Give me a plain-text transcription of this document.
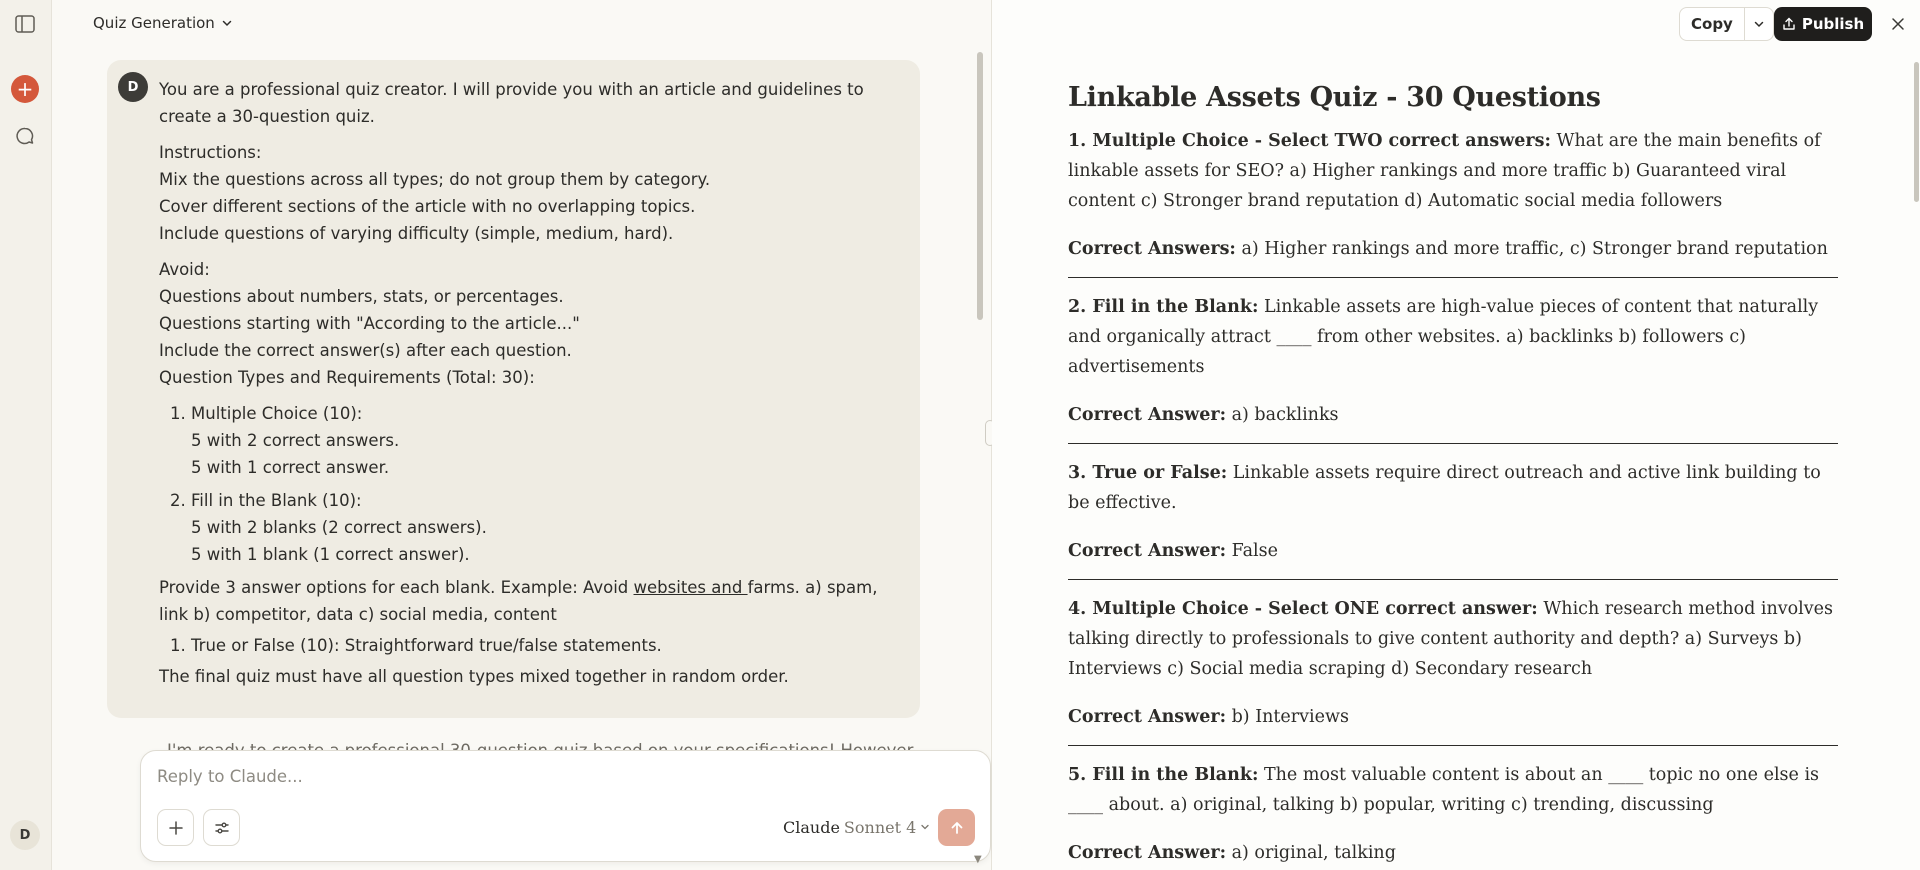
+
D
Quiz Generation

You are a professional quiz creator. I will provide you with an article and guidelines to create a 30-question quiz.

Instructions:

Mix the questions across all types; do not group them by category.

Cover different sections of the article with no overlapping topics.

Include questions of varying difficulty (simple, medium, hard).

Avoid:

Questions about numbers, stats, or percentages.

Questions starting with "According to the article..."

Include the correct answer(s) after each question.

Question Types and Requirements (Total: 30):

1. Multiple Choice (10):
5 with 2 correct answers.
5 with 1 correct answer.
2. Fill in the Blank (10):
5 with 2 blanks (2 correct answers).
5 with 1 blank (1 correct answer).

Provide 3 answer options for each blank. Example: Avoid websites and farms. a) spam, link b) competitor, data c) social media, content

1. True or False (10): Straightforward true/false statements.

The final quiz must have all question types mixed together in random order.

D
Reply to Claude...
Claude Sonnet 4
▼
Copy	Publish
Linkable Assets Quiz - 30 Questions

1. Multiple Choice - Select TWO correct answers: What are the main benefits of linkable assets for SEO? a) Higher rankings and more traffic b) Guaranteed viral content c) Stronger brand reputation d) Automatic social media followers

Correct Answers: a) Higher rankings and more traffic, c) Stronger brand reputation

2. Fill in the Blank: Linkable assets are high-value pieces of content that naturally and organically attract ____ from other websites. a) backlinks b) followers c) advertisements

Correct Answer: a) backlinks

3. True or False: Linkable assets require direct outreach and active link building to be effective.

Correct Answer: False

4. Multiple Choice - Select ONE correct answer: Which research method involves talking directly to professionals to give content authority and depth? a) Surveys b) Interviews c) Social media scraping d) Secondary research

Correct Answer: b) Interviews

5. Fill in the Blank: The most valuable content is about an ____ topic no one else is ____ about. a) original, talking b) popular, writing c) trending, discussing

Correct Answer: a) original, talking
